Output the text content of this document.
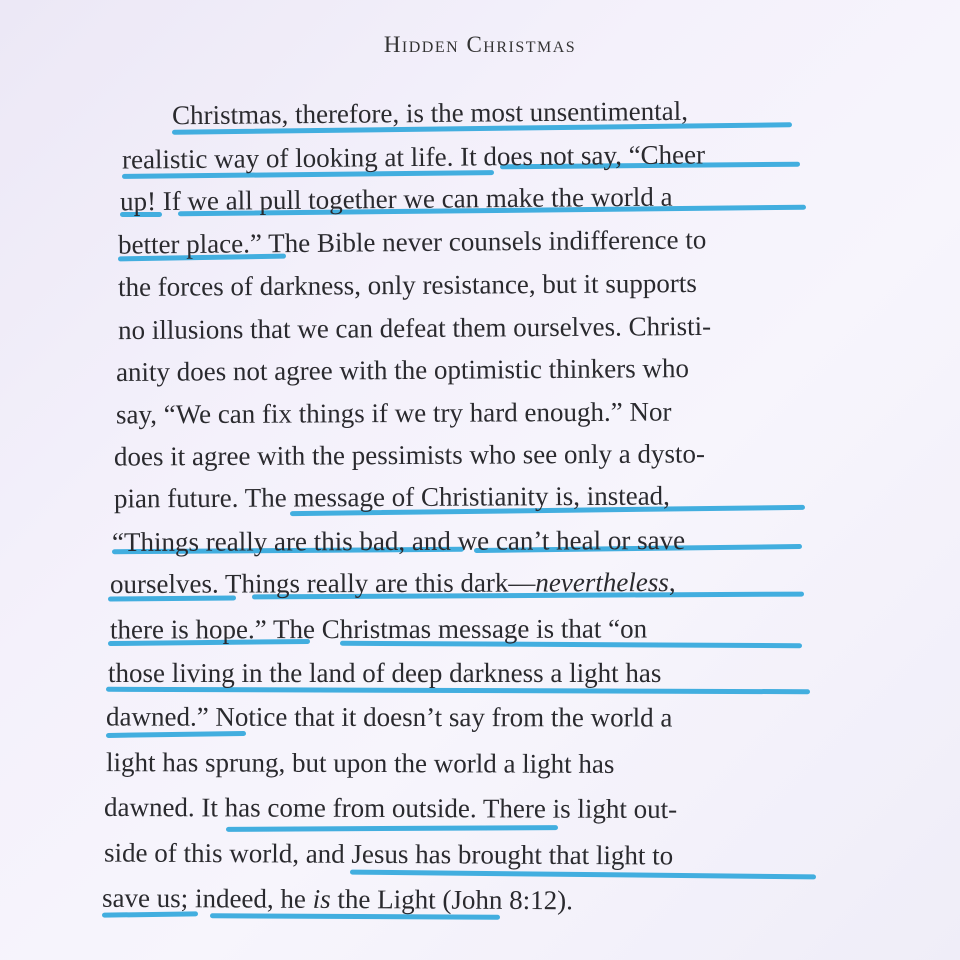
Hidden Christmas
Christmas, therefore, is the most unsentimental,
realistic way of looking at life. It does not say, “Cheer
up! If we all pull together we can make the world a
better place.” The Bible never counsels indifference to
the forces of darkness, only resistance, but it supports
no illusions that we can defeat them ourselves. Christi-
anity does not agree with the optimistic thinkers who
say, “We can fix things if we try hard enough.” Nor
does it agree with the pessimists who see only a dysto-
pian future. The message of Christianity is, instead,
“Things really are this bad, and we can’t heal or save
ourselves. Things really are this dark—nevertheless,
there is hope.” The Christmas message is that “on
those living in the land of deep darkness a light has
dawned.” Notice that it doesn’t say from the world a
light has sprung, but upon the world a light has
dawned. It has come from outside. There is light out-
side of this world, and Jesus has brought that light to
save us; indeed, he is the Light (John 8:12).
